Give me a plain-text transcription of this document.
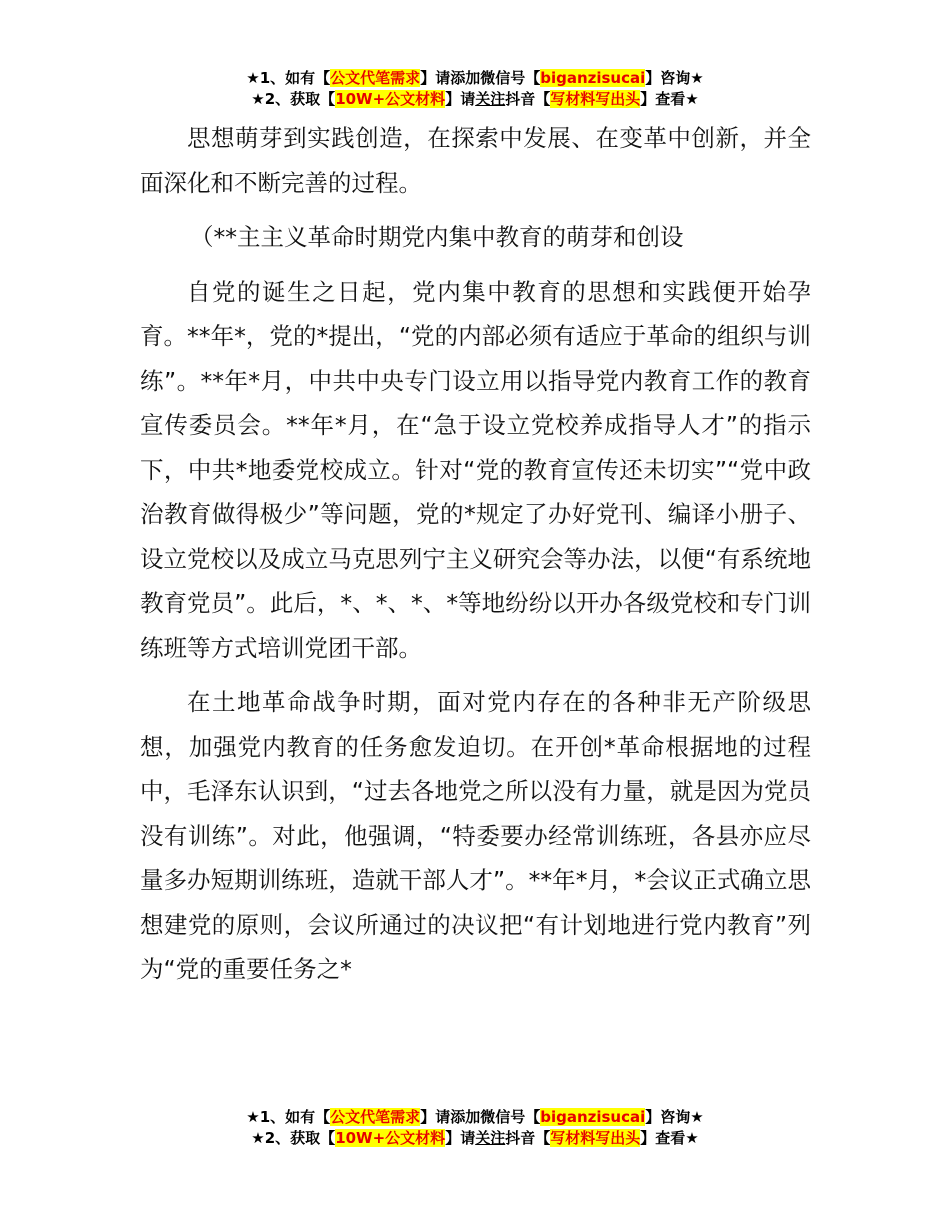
★1、如有【公文代笔需求】请添加微信号【biganzisucai】咨询★
★2、获取【10W+公文材料】请关注抖音【写材料写出头】查看★

思想萌芽到实践创造，在探索中发展、在变革中创新，并全面深化和不断完善的过程。

（**主主义革命时期党内集中教育的萌芽和创设

自党的诞生之日起，党内集中教育的思想和实践便开始孕育。**年*，党的*提出，“党的内部必须有适应于革命的组织与训练”。**年*月，中共中央专门设立用以指导党内教育工作的教育宣传委员会。**年*月，在“急于设立党校养成指导人才”的指示下，中共*地委党校成立。针对“党的教育宣传还未切实”“党中政治教育做得极少”等问题，党的*规定了办好党刊、编译小册子、设立党校以及成立马克思列宁主义研究会等办法，以便“有系统地教育党员”。此后，*、*、*、*等地纷纷以开办各级党校和专门训练班等方式培训党团干部。

在土地革命战争时期，面对党内存在的各种非无产阶级思想，加强党内教育的任务愈发迫切。在开创*革命根据地的过程中，毛泽东认识到，“过去各地党之所以没有力量，就是因为党员没有训练”。对此，他强调，“特委要办经常训练班，各县亦应尽量多办短期训练班，造就干部人才”。**年*月，*会议正式确立思想建党的原则，会议所通过的决议把“有计划地进行党内教育”列为“党的重要任务之*

★1、如有【公文代笔需求】请添加微信号【biganzisucai】咨询★
★2、获取【10W+公文材料】请关注抖音【写材料写出头】查看★
